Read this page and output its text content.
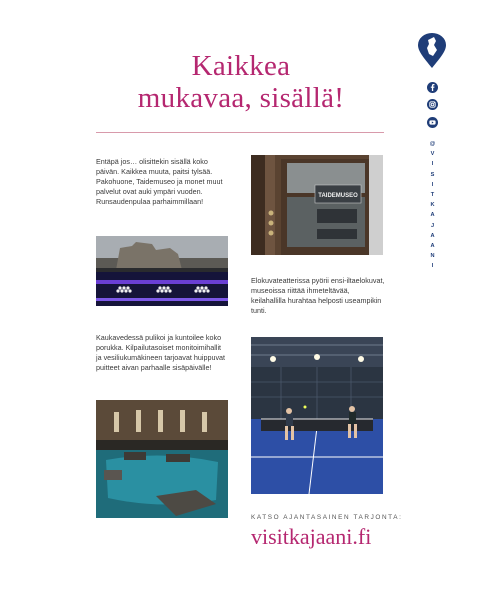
Kaikkea
mukavaa, sisällä!
Entäpä jos… olisittekin sisällä koko päivän. Kaikkea muuta, paitsi tylsää. Pakohuone, Taidemuseo ja monet muut palvelut ovat auki ympäri vuoden. Runsaudenpulaa parhaimmillaan!
TAIDEMUSEO
Elokuvateatterissa pyörii ensi-iltaelokuvat, museoissa riittää ihmeteltävää, keilahallilla hurahtaa helposti useampikin tunti.
Kaukavedessä pulikoi ja kuntoilee koko porukka. Kilpailutasoiset monitoimihallit ja vesiliukumäkineen tarjoavat huippuvat puitteet aivan parhaalle sisäpäivälle!
KATSO AJANTASAINEN TARJONTA:
visitkajaani.fi
@
V
I
S
I
T
K
A
J
A
A
N
I
